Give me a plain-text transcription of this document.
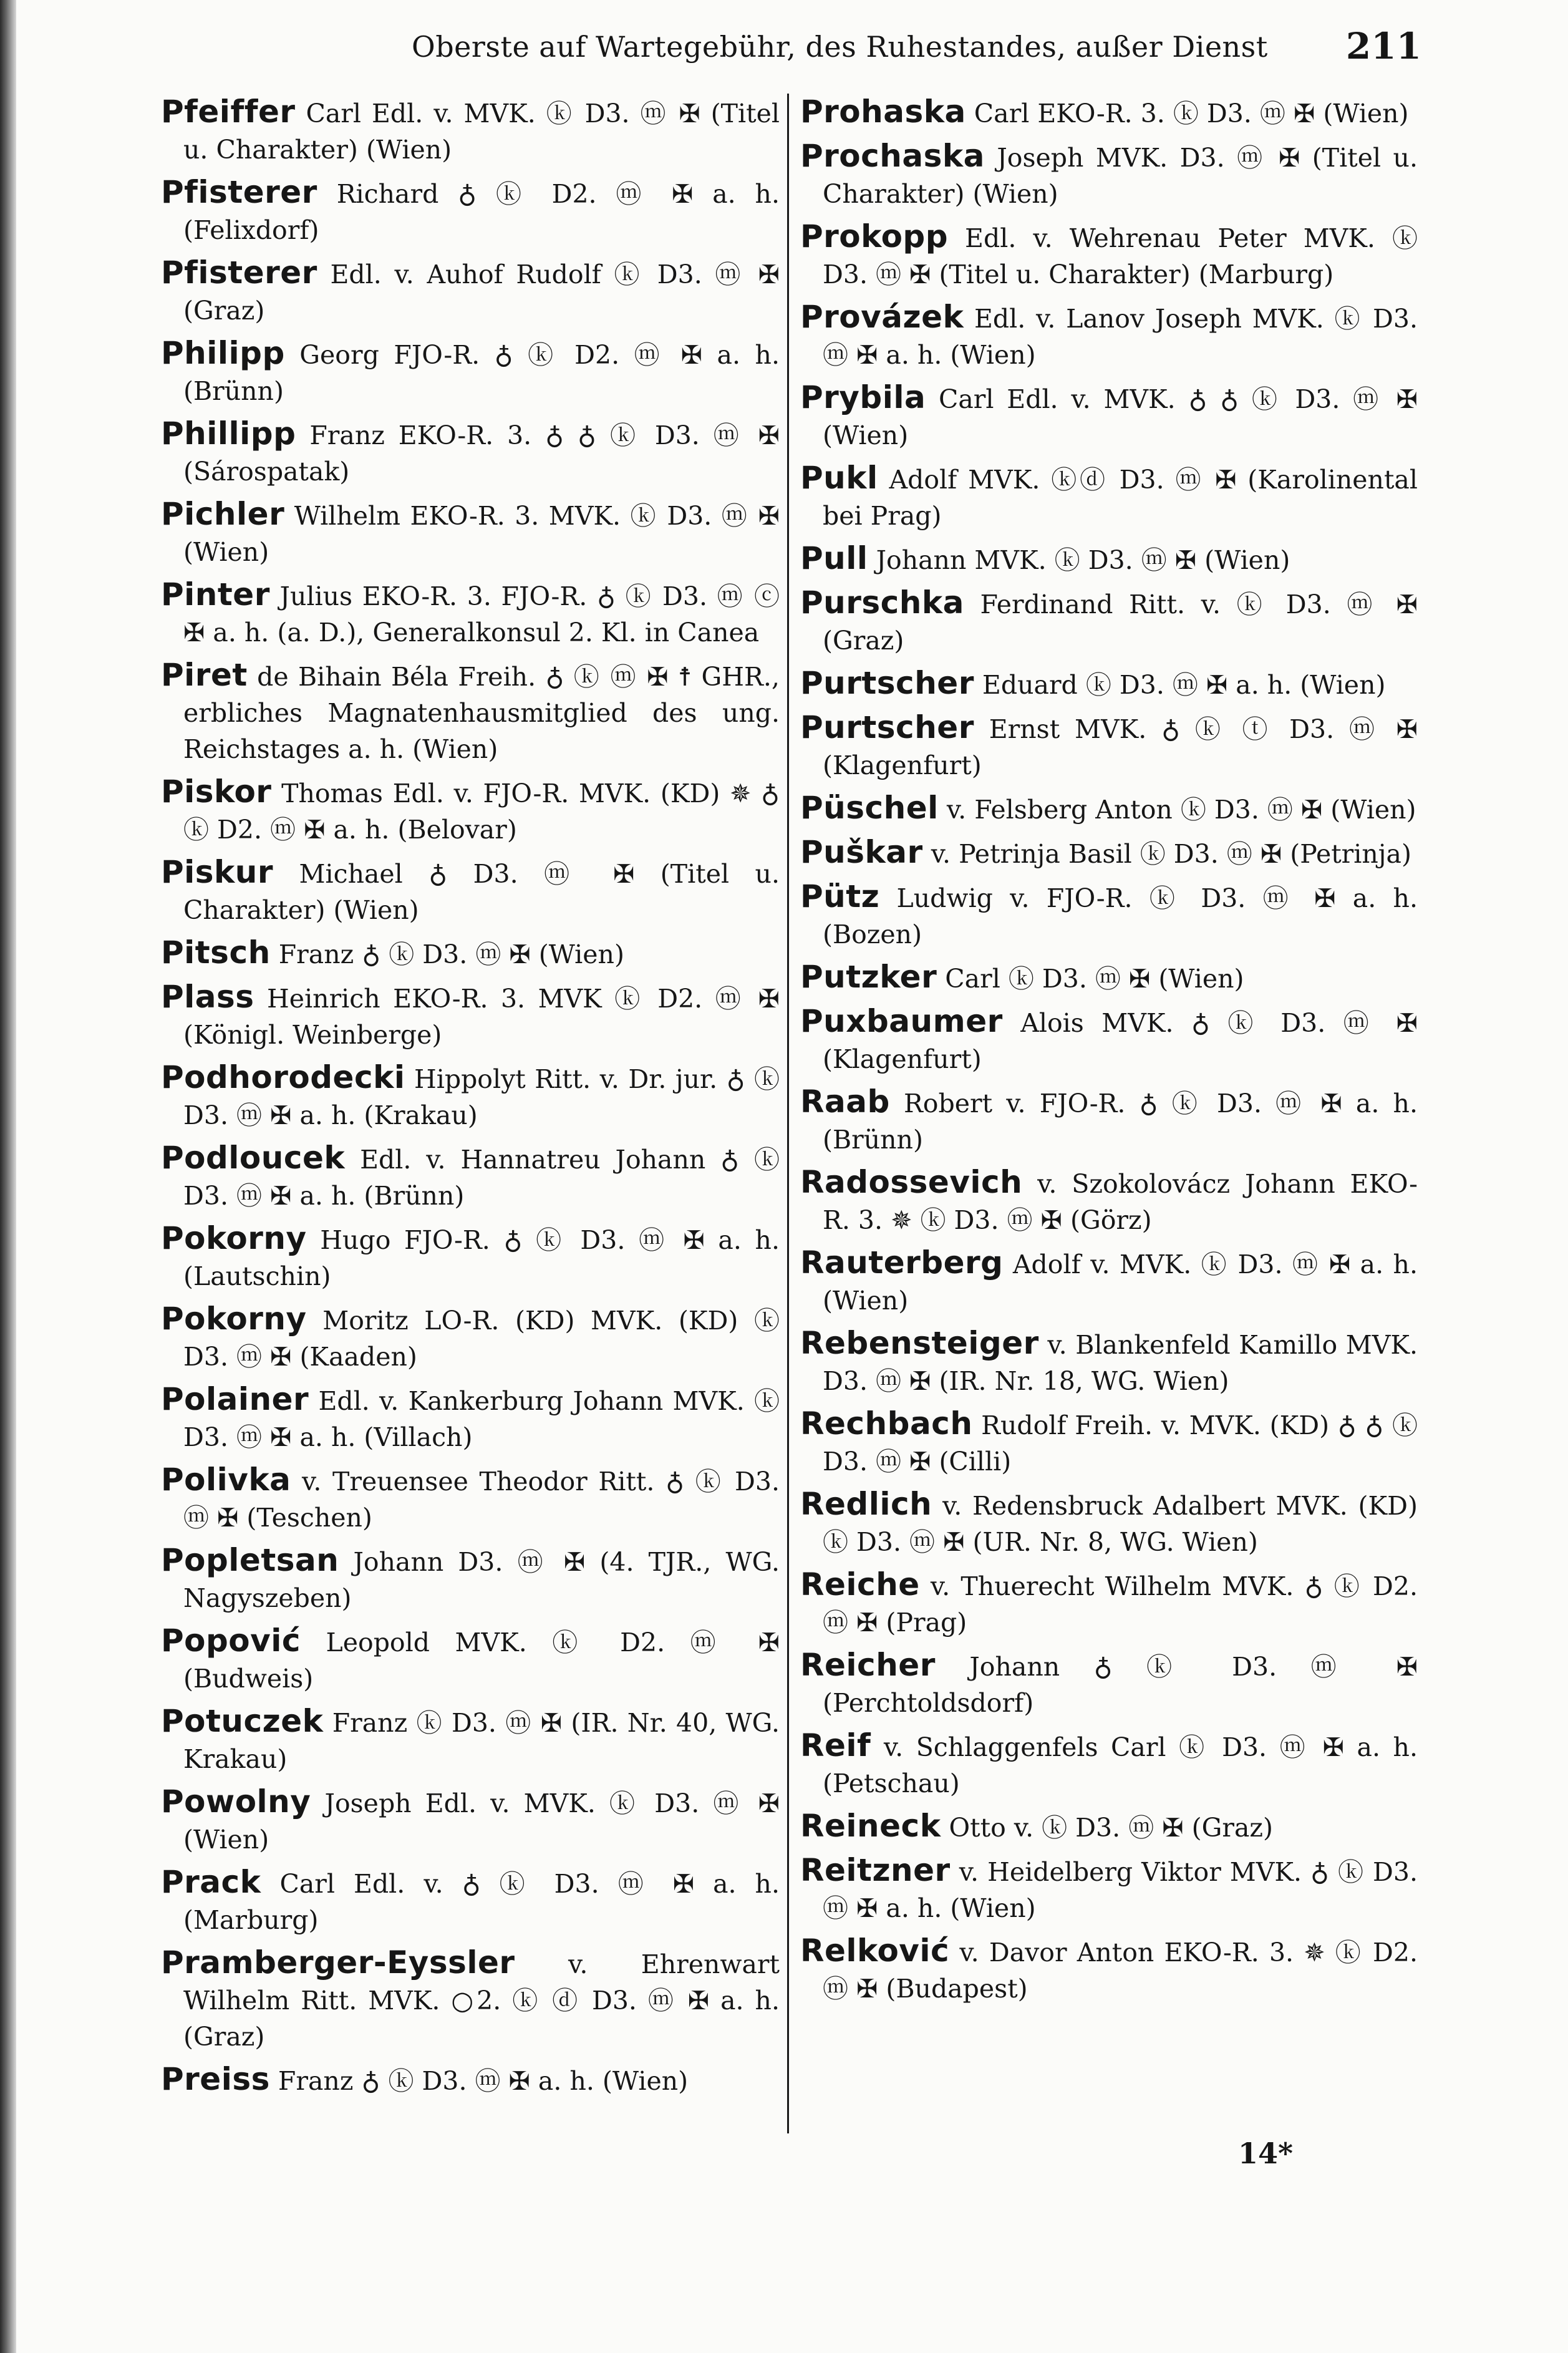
Oberste auf Wartegebühr, des Ruhestandes, außer Dienst 211

Pfeiffer Carl Edl. v. MVK. ⓚ D3. ⓜ ✠ (Titel u. Charakter) (Wien)

Pfisterer Richard ♁ ⓚ D2. ⓜ ✠ a. h. (Felixdorf)

Pfisterer Edl. v. Auhof Rudolf ⓚ D3. ⓜ ✠ (Graz)

Philipp Georg FJO-R. ♁ ⓚ D2. ⓜ ✠ a. h. (Brünn)

Phillipp Franz EKO-R. 3. ♁ ♁ ⓚ D3. ⓜ ✠ (Sárospatak)

Pichler Wilhelm EKO-R. 3. MVK. ⓚ D3. ⓜ ✠ (Wien)

Pinter Julius EKO-R. 3. FJO-R. ♁ ⓚ D3. ⓜ ⓒ ✠ a. h. (a. D.), Generalkonsul 2. Kl. in Canea

Piret de Bihain Béla Freih. ♁ ⓚ ⓜ ✠ ☨ GHR., erbliches Magnatenhausmitglied des ung. Reichstages a. h. (Wien)

Piskor Thomas Edl. v. FJO-R. MVK. (KD) ✵ ♁ ⓚ D2. ⓜ ✠ a. h. (Belovar)

Piskur Michael ♁ D3. ⓜ ✠ (Titel u. Charakter) (Wien)

Pitsch Franz ♁ ⓚ D3. ⓜ ✠ (Wien)

Plass Heinrich EKO-R. 3. MVK ⓚ D2. ⓜ ✠ (Königl. Weinberge)

Podhorodecki Hippolyt Ritt. v. Dr. jur. ♁ ⓚ D3. ⓜ ✠ a. h. (Krakau)

Podloucek Edl. v. Hannatreu Johann ♁ ⓚ D3. ⓜ ✠ a. h. (Brünn)

Pokorny Hugo FJO-R. ♁ ⓚ D3. ⓜ ✠ a. h. (Lautschin)

Pokorny Moritz LO-R. (KD) MVK. (KD) ⓚ D3. ⓜ ✠ (Kaaden)

Polainer Edl. v. Kankerburg Johann MVK. ⓚ D3. ⓜ ✠ a. h. (Villach)

Polivka v. Treuensee Theodor Ritt. ♁ ⓚ D3. ⓜ ✠ (Teschen)

Popletsan Johann D3. ⓜ ✠ (4. TJR., WG. Nagyszeben)

Popović Leopold MVK. ⓚ D2. ⓜ ✠ (Budweis)

Potuczek Franz ⓚ D3. ⓜ ✠ (IR. Nr. 40, WG. Krakau)

Powolny Joseph Edl. v. MVK. ⓚ D3. ⓜ ✠ (Wien)

Prack Carl Edl. v. ♁ ⓚ D3. ⓜ ✠ a. h. (Marburg)

Pramberger-Eyssler v. Ehrenwart Wilhelm Ritt. MVK. ○2. ⓚ ⓓ D3. ⓜ ✠ a. h. (Graz)

Preiss Franz ♁ ⓚ D3. ⓜ ✠ a. h. (Wien)

Prohaska Carl EKO-R. 3. ⓚ D3. ⓜ ✠ (Wien)

Prochaska Joseph MVK. D3. ⓜ ✠ (Titel u. Charakter) (Wien)

Prokopp Edl. v. Wehrenau Peter MVK. ⓚ D3. ⓜ ✠ (Titel u. Charakter) (Marburg)

Provázek Edl. v. Lanov Joseph MVK. ⓚ D3. ⓜ ✠ a. h. (Wien)

Prybila Carl Edl. v. MVK. ♁ ♁ ⓚ D3. ⓜ ✠ (Wien)

Pukl Adolf MVK. ⓚⓓ D3. ⓜ ✠ (Karolinental bei Prag)

Pull Johann MVK. ⓚ D3. ⓜ ✠ (Wien)

Purschka Ferdinand Ritt. v. ⓚ D3. ⓜ ✠ (Graz)

Purtscher Eduard ⓚ D3. ⓜ ✠ a. h. (Wien)

Purtscher Ernst MVK. ♁ ⓚ ⓣ D3. ⓜ ✠ (Klagenfurt)

Püschel v. Felsberg Anton ⓚ D3. ⓜ ✠ (Wien)

Puškar v. Petrinja Basil ⓚ D3. ⓜ ✠ (Petrinja)

Pütz Ludwig v. FJO-R. ⓚ D3. ⓜ ✠ a. h. (Bozen)

Putzker Carl ⓚ D3. ⓜ ✠ (Wien)

Puxbaumer Alois MVK. ♁ ⓚ D3. ⓜ ✠ (Klagenfurt)

Raab Robert v. FJO-R. ♁ ⓚ D3. ⓜ ✠ a. h. (Brünn)

Radossevich v. Szokolovácz Johann EKO-R. 3. ✵ ⓚ D3. ⓜ ✠ (Görz)

Rauterberg Adolf v. MVK. ⓚ D3. ⓜ ✠ a. h. (Wien)

Rebensteiger v. Blankenfeld Kamillo MVK. D3. ⓜ ✠ (IR. Nr. 18, WG. Wien)

Rechbach Rudolf Freih. v. MVK. (KD) ♁ ♁ ⓚ D3. ⓜ ✠ (Cilli)

Redlich v. Redensbruck Adalbert MVK. (KD) ⓚ D3. ⓜ ✠ (UR. Nr. 8, WG. Wien)

Reiche v. Thuerecht Wilhelm MVK. ♁ ⓚ D2. ⓜ ✠ (Prag)

Reicher Johann ♁ ⓚ D3. ⓜ ✠ (Perchtoldsdorf)

Reif v. Schlaggenfels Carl ⓚ D3. ⓜ ✠ a. h. (Petschau)

Reineck Otto v. ⓚ D3. ⓜ ✠ (Graz)

Reitzner v. Heidelberg Viktor MVK. ♁ ⓚ D3. ⓜ ✠ a. h. (Wien)

Relković v. Davor Anton EKO-R. 3. ✵ ⓚ D2. ⓜ ✠ (Budapest)

14*
